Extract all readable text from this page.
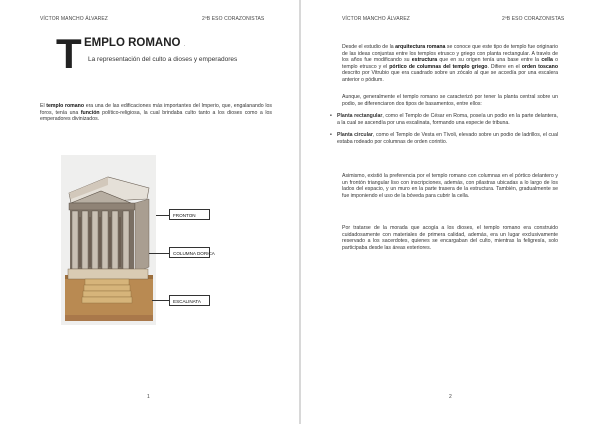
VÍCTOR MANCHO ÁLVAREZ	2ºB ESO CORAZONISTAS
T EMPLO ROMANO .
La representación del culto a dioses y emperadores

El templo romano era una de las edificaciones más importantes del Imperio, que, engalanando los foros, tenía una función político-religiosa, la cual brindaba culto tanto a los dioses como a los emperadores divinizados.

FRONTON
COLUMNA DORICA
ESCALINATA
1
VÍCTOR MANCHO ÁLVAREZ	2ºB ESO CORAZONISTAS
2

Desde el estudio de la arquitectura romana se conoce que este tipo de templo fue originario de las ideas conjuntas entre los templos etrusco y griego con planta rectangular. A través de los años fue modificando su estructura que en su origen tenía una base entre la cella o templo etrusco y el pórtico de columnas del templo griego. Difiere en el orden toscano descrito por Vitrubio que era cuadrado sobre un zócalo al que se accedía por una escalera anterior o pódium.

Aunque, generalmente el templo romano se caracterizó por tener la planta central sobre un podio, se diferenciaron dos tipos de basamentos, entre ellos:

• Planta rectangular, como el Templo de César en Roma, poseía un podio en la parte delantera, a la cual se ascendía por una escalinata, formando una especie de tribuna.
• Planta circular, como el Templo de Vesta en Tívoli, elevado sobre un podio de ladrillos, el cual estaba rodeado por columnas de orden corintio.

Asimismo, existió la preferencia por el templo romano con columnas en el pórtico delantero y un frontón triangular liso con inscripciones, además, con pilastras ubicadas a lo largo de los lados del espacio, y un muro en la parte trasera de la estructura. También, gradualmente se fue imponiendo el uso de la bóveda para cubrir la cella.

Por tratarse de la morada que acogía a los dioses, el templo romano era construido cuidadosamente con materiales de primera calidad, además, era un lugar exclusivamente reservado a los sacerdotes, quienes se encargaban del culto, mientras la feligresía, solo participaba desde las áreas exteriores.
